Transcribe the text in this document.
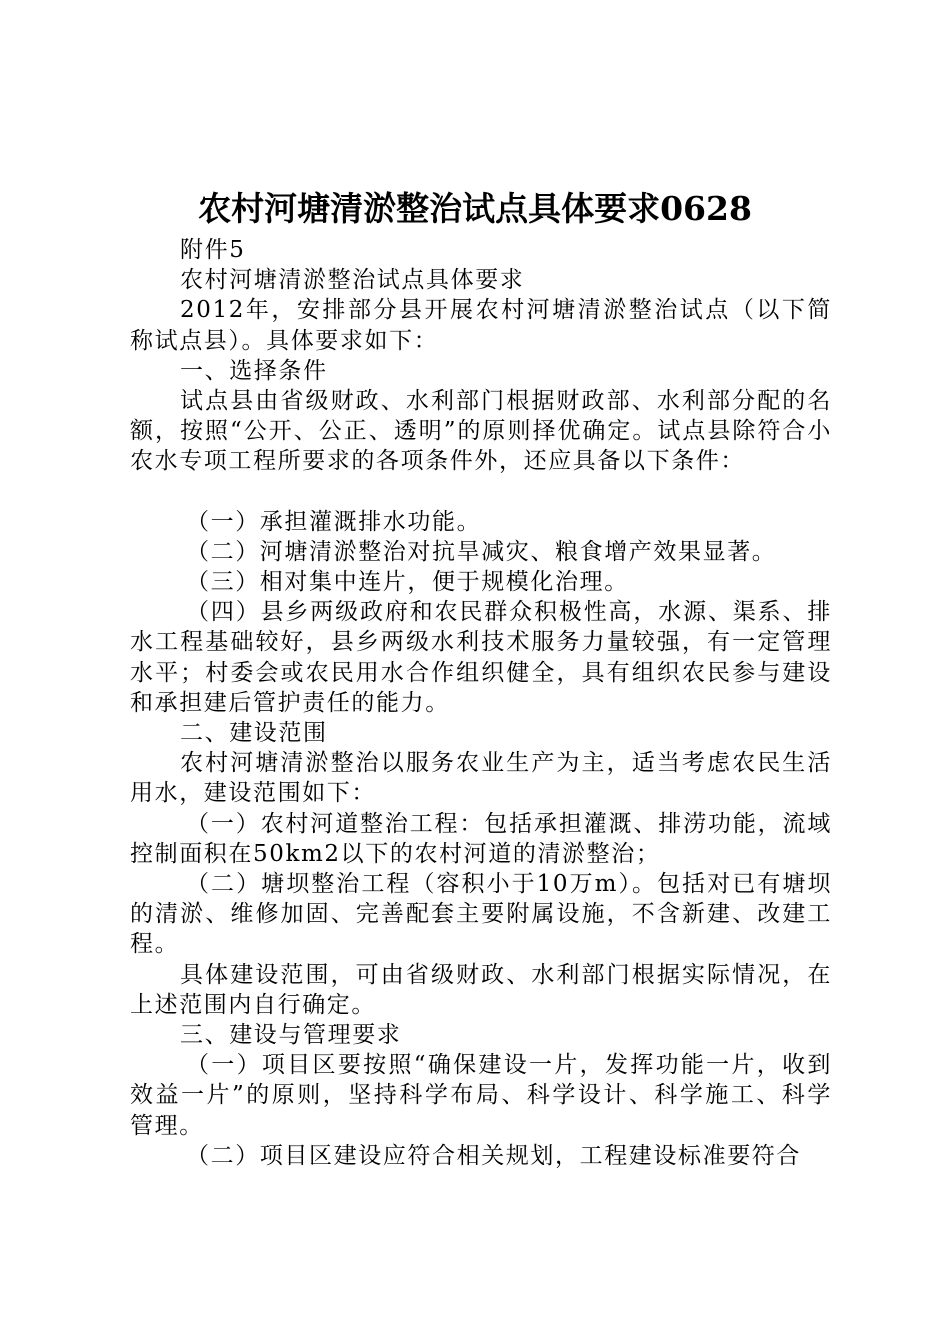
农村河塘清淤整治试点具体要求0628

附件5

农村河塘清淤整治试点具体要求

2012年，安排部分县开展农村河塘清淤整治试点（以下简称试点县）。具体要求如下：

一、选择条件

试点县由省级财政、水利部门根据财政部、水利部分配的名额，按照“公开、公正、透明”的原则择优确定。试点县除符合小农水专项工程所要求的各项条件外，还应具备以下条件：

（一）承担灌溉排水功能。

（二）河塘清淤整治对抗旱减灾、粮食增产效果显著。

（三）相对集中连片，便于规模化治理。

（四）县乡两级政府和农民群众积极性高，水源、渠系、排水工程基础较好，县乡两级水利技术服务力量较强，有一定管理水平；村委会或农民用水合作组织健全，具有组织农民参与建设和承担建后管护责任的能力。

二、建设范围

农村河塘清淤整治以服务农业生产为主，适当考虑农民生活用水，建设范围如下：

（一）农村河道整治工程：包括承担灌溉、排涝功能，流域控制面积在50km2以下的农村河道的清淤整治；

（二）塘坝整治工程（容积小于10万m）。包括对已有塘坝的清淤、维修加固、完善配套主要附属设施，不含新建、改建工程。

具体建设范围，可由省级财政、水利部门根据实际情况，在上述范围内自行确定。

三、建设与管理要求

（一）项目区要按照“确保建设一片，发挥功能一片，收到效益一片”的原则，坚持科学布局、科学设计、科学施工、科学管理。

（二）项目区建设应符合相关规划，工程建设标准要符合
